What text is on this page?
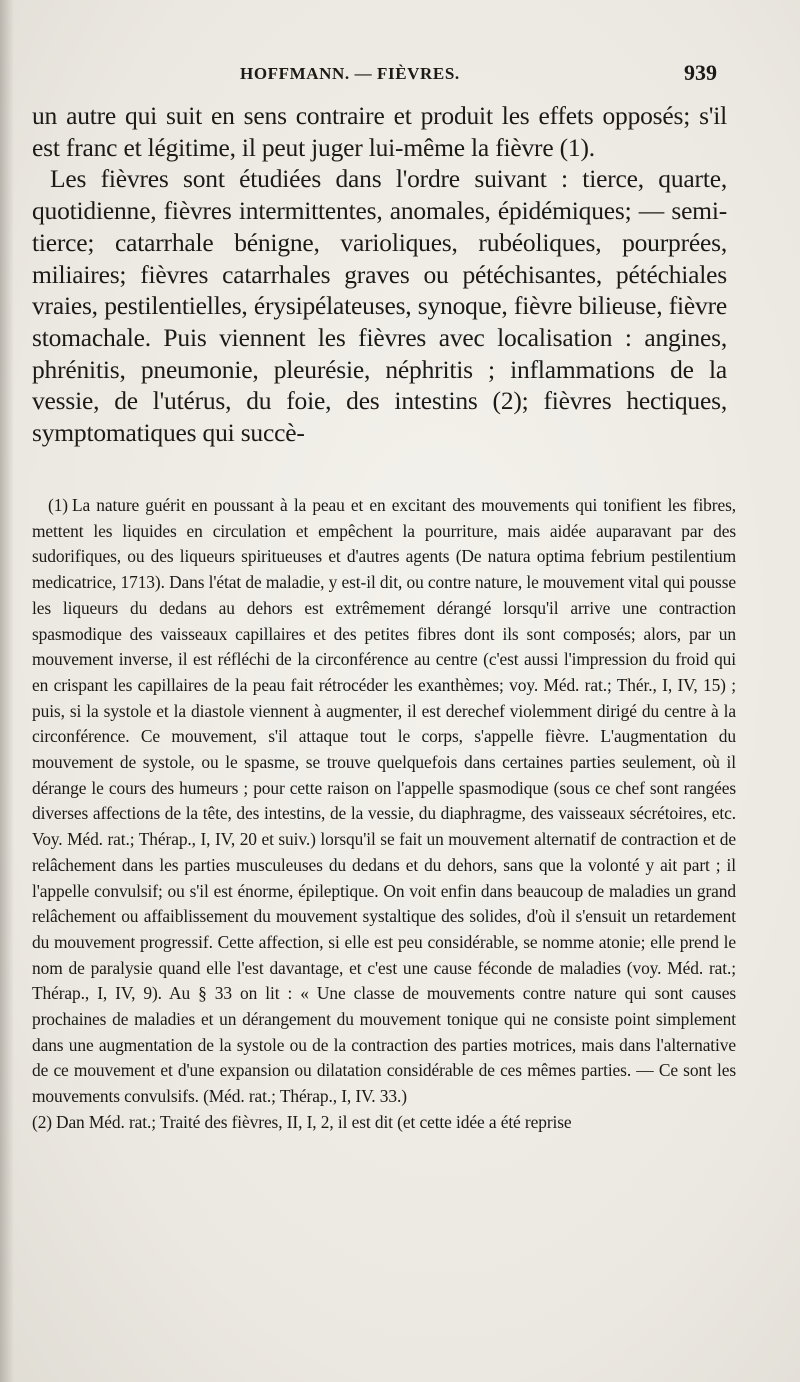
HOFFMANN. — FIÈVRES.	939

un autre qui suit en sens contraire et produit les effets opposés; s'il est franc et légitime, il peut juger lui-même la fièvre (1).

Les fièvres sont étudiées dans l'ordre suivant : tierce, quarte, quotidienne, fièvres intermittentes, anomales, épidémiques; — semi-tierce; catarrhale bénigne, varioliques, rubéoliques, pourprées, miliaires; fièvres catarrhales graves ou pétéchisantes, pétéchiales vraies, pestilentielles, érysipélateuses, synoque, fièvre bilieuse, fièvre stomachale. Puis viennent les fièvres avec localisation : angines, phrénitis, pneumonie, pleurésie, néphritis ; inflammations de la vessie, de l'utérus, du foie, des intestins (2); fièvres hectiques, symptomatiques qui succè-

(1) La nature guérit en poussant à la peau et en excitant des mouvements qui tonifient les fibres, mettent les liquides en circulation et empêchent la pourriture, mais aidée auparavant par des sudorifiques, ou des liqueurs spiritueuses et d'autres agents (De natura optima febrium pestilentium medicatrice, 1713). Dans l'état de maladie, y est-il dit, ou contre nature, le mouvement vital qui pousse les liqueurs du dedans au dehors est extrêmement dérangé lorsqu'il arrive une contraction spasmodique des vaisseaux capillaires et des petites fibres dont ils sont composés; alors, par un mouvement inverse, il est réfléchi de la circonférence au centre (c'est aussi l'impression du froid qui en crispant les capillaires de la peau fait rétrocéder les exanthèmes; voy. Méd. rat.; Thér., I, IV, 15) ; puis, si la systole et la diastole viennent à augmenter, il est derechef violemment dirigé du centre à la circonférence. Ce mouvement, s'il attaque tout le corps, s'appelle fièvre. L'augmentation du mouvement de systole, ou le spasme, se trouve quelquefois dans certaines parties seulement, où il dérange le cours des humeurs ; pour cette raison on l'appelle spasmodique (sous ce chef sont rangées diverses affections de la tête, des intestins, de la vessie, du diaphragme, des vaisseaux sécrétoires, etc. Voy. Méd. rat.; Thérap., I, IV, 20 et suiv.) lorsqu'il se fait un mouvement alternatif de contraction et de relâchement dans les parties musculeuses du dedans et du dehors, sans que la volonté y ait part ; il l'appelle convulsif; ou s'il est énorme, épileptique. On voit enfin dans beaucoup de maladies un grand relâchement ou affaiblissement du mouvement systaltique des solides, d'où il s'ensuit un retardement du mouvement progressif. Cette affection, si elle est peu considérable, se nomme atonie; elle prend le nom de paralysie quand elle l'est davantage, et c'est une cause féconde de maladies (voy. Méd. rat.; Thérap., I, IV, 9). Au § 33 on lit : « Une classe de mouvements contre nature qui sont causes prochaines de maladies et un dérangement du mouvement tonique qui ne consiste point simplement dans une augmentation de la systole ou de la contraction des parties motrices, mais dans l'alternative de ce mouvement et d'une expansion ou dilatation considérable de ces mêmes parties. — Ce sont les mouvements convulsifs. (Méd. rat.; Thérap., I, IV. 33.)

(2) Dan Méd. rat.; Traité des fièvres, II, I, 2, il est dit (et cette idée a été reprise
